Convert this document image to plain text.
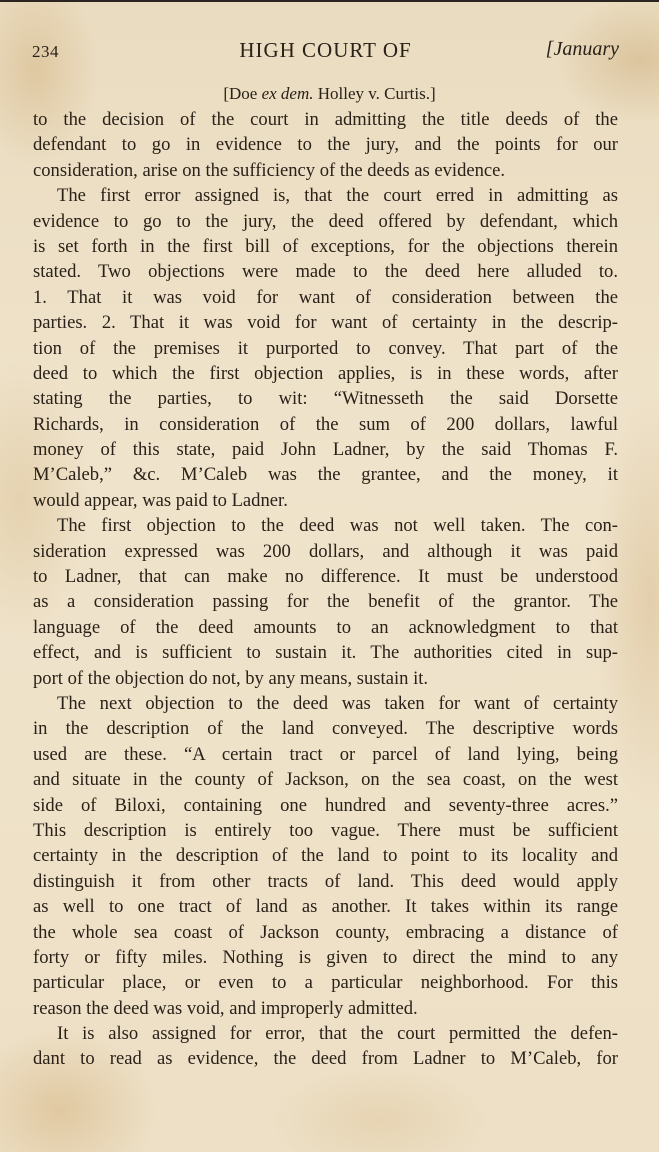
234	HIGH COURT OF	[January
[Doe ex dem. Holley v. Curtis.]
to the decision of the court in admitting the title deeds of the
defendant to go in evidence to the jury, and the points for our
consideration, arise on the sufficiency of the deeds as evidence.
The first error assigned is, that the court erred in admitting as
evidence to go to the jury, the deed offered by defendant, which
is set forth in the first bill of exceptions, for the objections therein
stated. Two objections were made to the deed here alluded to.
1. That it was void for want of consideration between the
parties. 2. That it was void for want of certainty in the descrip-
tion of the premises it purported to convey. That part of the
deed to which the first objection applies, is in these words, after
stating the parties, to wit: “Witnesseth the said Dorsette
Richards, in consideration of the sum of 200 dollars, lawful
money of this state, paid John Ladner, by the said Thomas F.
M’Caleb,” &c. M’Caleb was the grantee, and the money, it
would appear, was paid to Ladner.
The first objection to the deed was not well taken. The con-
sideration expressed was 200 dollars, and although it was paid
to Ladner, that can make no difference. It must be understood
as a consideration passing for the benefit of the grantor. The
language of the deed amounts to an acknowledgment to that
effect, and is sufficient to sustain it. The authorities cited in sup-
port of the objection do not, by any means, sustain it.
The next objection to the deed was taken for want of certainty
in the description of the land conveyed. The descriptive words
used are these. “A certain tract or parcel of land lying, being
and situate in the county of Jackson, on the sea coast, on the west
side of Biloxi, containing one hundred and seventy-three acres.”
This description is entirely too vague. There must be sufficient
certainty in the description of the land to point to its locality and
distinguish it from other tracts of land. This deed would apply
as well to one tract of land as another. It takes within its range
the whole sea coast of Jackson county, embracing a distance of
forty or fifty miles. Nothing is given to direct the mind to any
particular place, or even to a particular neighborhood. For this
reason the deed was void, and improperly admitted.
It is also assigned for error, that the court permitted the defen-
dant to read as evidence, the deed from Ladner to M’Caleb, for
